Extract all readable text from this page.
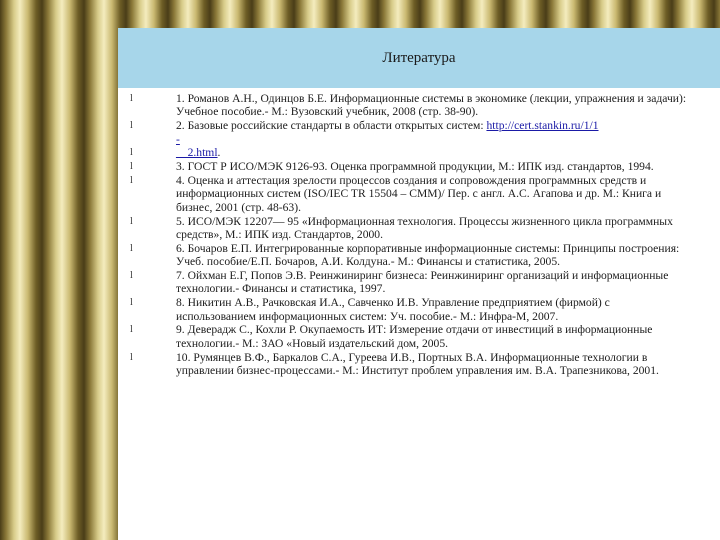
Литература
l	1. Романов А.Н., Одинцов Б.Е. Информационные системы в экономике (лекции, упражнения и задачи): Учебное пособие.- М.: Вузовский учебник, 2008 (стр. 38-90).
l	2. Базовые российские стандарты в области открытых систем: http://cert.stankin.ru/1/1
-
l	__2.html.
l	3. ГОСТ Р ИСО/МЭК 9126-93. Оценка программной продукции, М.: ИПК изд. стандартов, 1994.
l	4. Оценка и аттестация зрелости процессов создания и сопровождения программных средств и информационных систем (ISO/IEC TR 15504 – CMM)/ Пер. с англ. А.С. Агапова и др. М.: Книга и бизнес, 2001 (стр. 48-63).
l	5. ИСО/МЭК 12207— 95 «Информационная технология. Процессы жизненного цикла программных средств», М.: ИПК изд. Стандартов, 2000.
l	6. Бочаров Е.П. Интегрированные корпоративные информационные системы: Принципы построения: Учеб. пособие/Е.П. Бочаров, А.И. Колдуна.- М.: Финансы и статистика, 2005.
l	7. Ойхман Е.Г, Попов Э.В. Реинжиниринг бизнеса: Реинжиниринг организаций и информационные технологии.- Финансы и статистика, 1997.
l	8. Никитин А.В., Рачковская И.А., Савченко И.В. Управление предприятием (фирмой) с использованием информационных систем: Уч. пособие.- М.: Инфра-М, 2007.
l	9. Деверадж С., Кохли Р. Окупаемость ИТ: Измерение отдачи от инвестиций в информационные технологии.- М.: ЗАО «Новый издательский дом, 2005.
l	10. Румянцев В.Ф., Баркалов С.А., Гуреева И.В., Портных В.А. Информационные технологии в управлении бизнес-процессами.- М.: Институт проблем управления им. В.А. Трапезникова, 2001.
